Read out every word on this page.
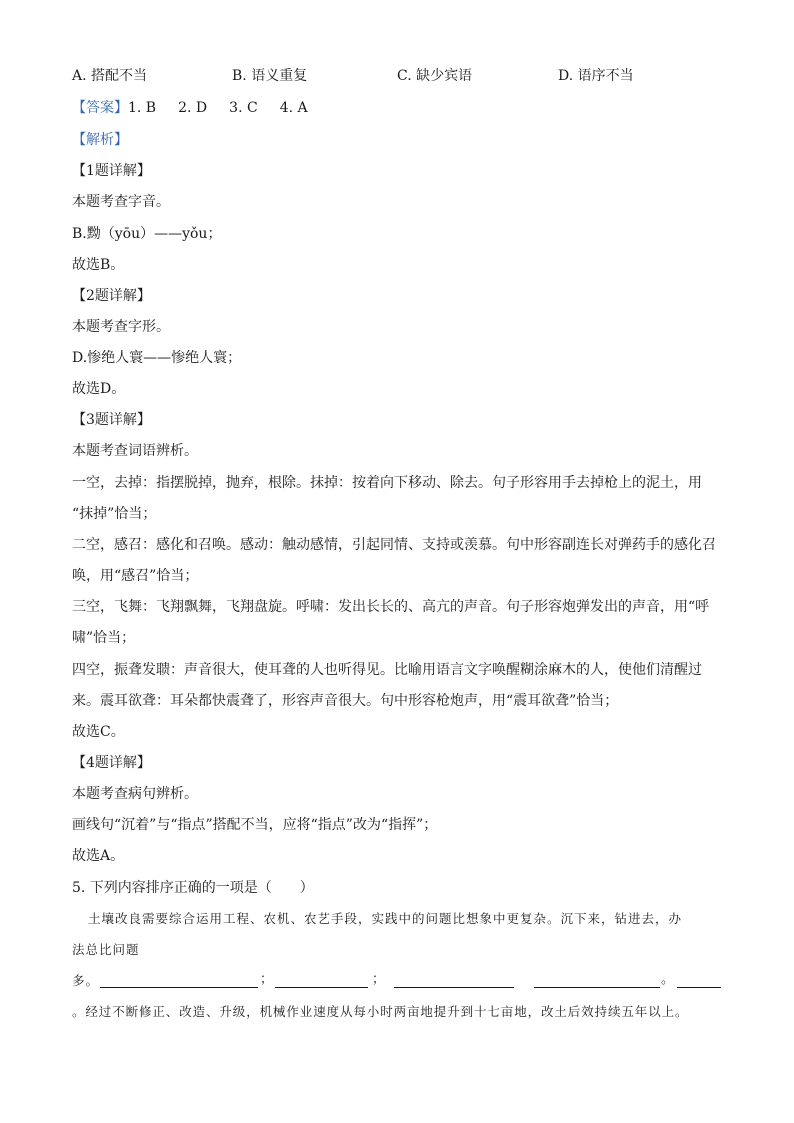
A. 搭配不当	B. 语义重复	C. 缺少宾语	D. 语序不当
【答案】1. B 2. D 3. C 4. A
【解析】
【1题详解】
本题考查字音。
B.黝（yōu）——yǒu；
故选B。
【2题详解】
本题考查字形。
D.惨绝人寰——惨绝人寰；
故选D。
【3题详解】
本题考查词语辨析。
一空，去掉：指摆脱掉，抛弃，根除。抹掉：按着向下移动、除去。句子形容用手去掉枪上的泥土，用
“抹掉”恰当；
二空，感召：感化和召唤。感动：触动感情，引起同情、支持或羡慕。句中形容副连长对弹药手的感化召
唤，用“感召”恰当；
三空，飞舞：飞翔飘舞，飞翔盘旋。呼啸：发出长长的、高亢的声音。句子形容炮弹发出的声音，用“呼
啸”恰当；
四空，振聋发聩：声音很大，使耳聋的人也听得见。比喻用语言文字唤醒糊涂麻木的人，使他们清醒过
来。震耳欲聋：耳朵都快震聋了，形容声音很大。句中形容枪炮声，用“震耳欲聋”恰当；
故选C。
【4题详解】
本题考查病句辨析。
画线句“沉着”与“指点”搭配不当，应将“指点”改为“指挥”；
故选A。
5. 下列内容排序正确的一项是（　　）
土壤改良需要综合运用工程、农机、农艺手段，实践中的问题比想象中更复杂。沉下来，钻进去，办
法总比问题
多。	；	；	。
。经过不断修正、改造、升级，机械作业速度从每小时两亩地提升到十七亩地，改土后效持续五年以上。
